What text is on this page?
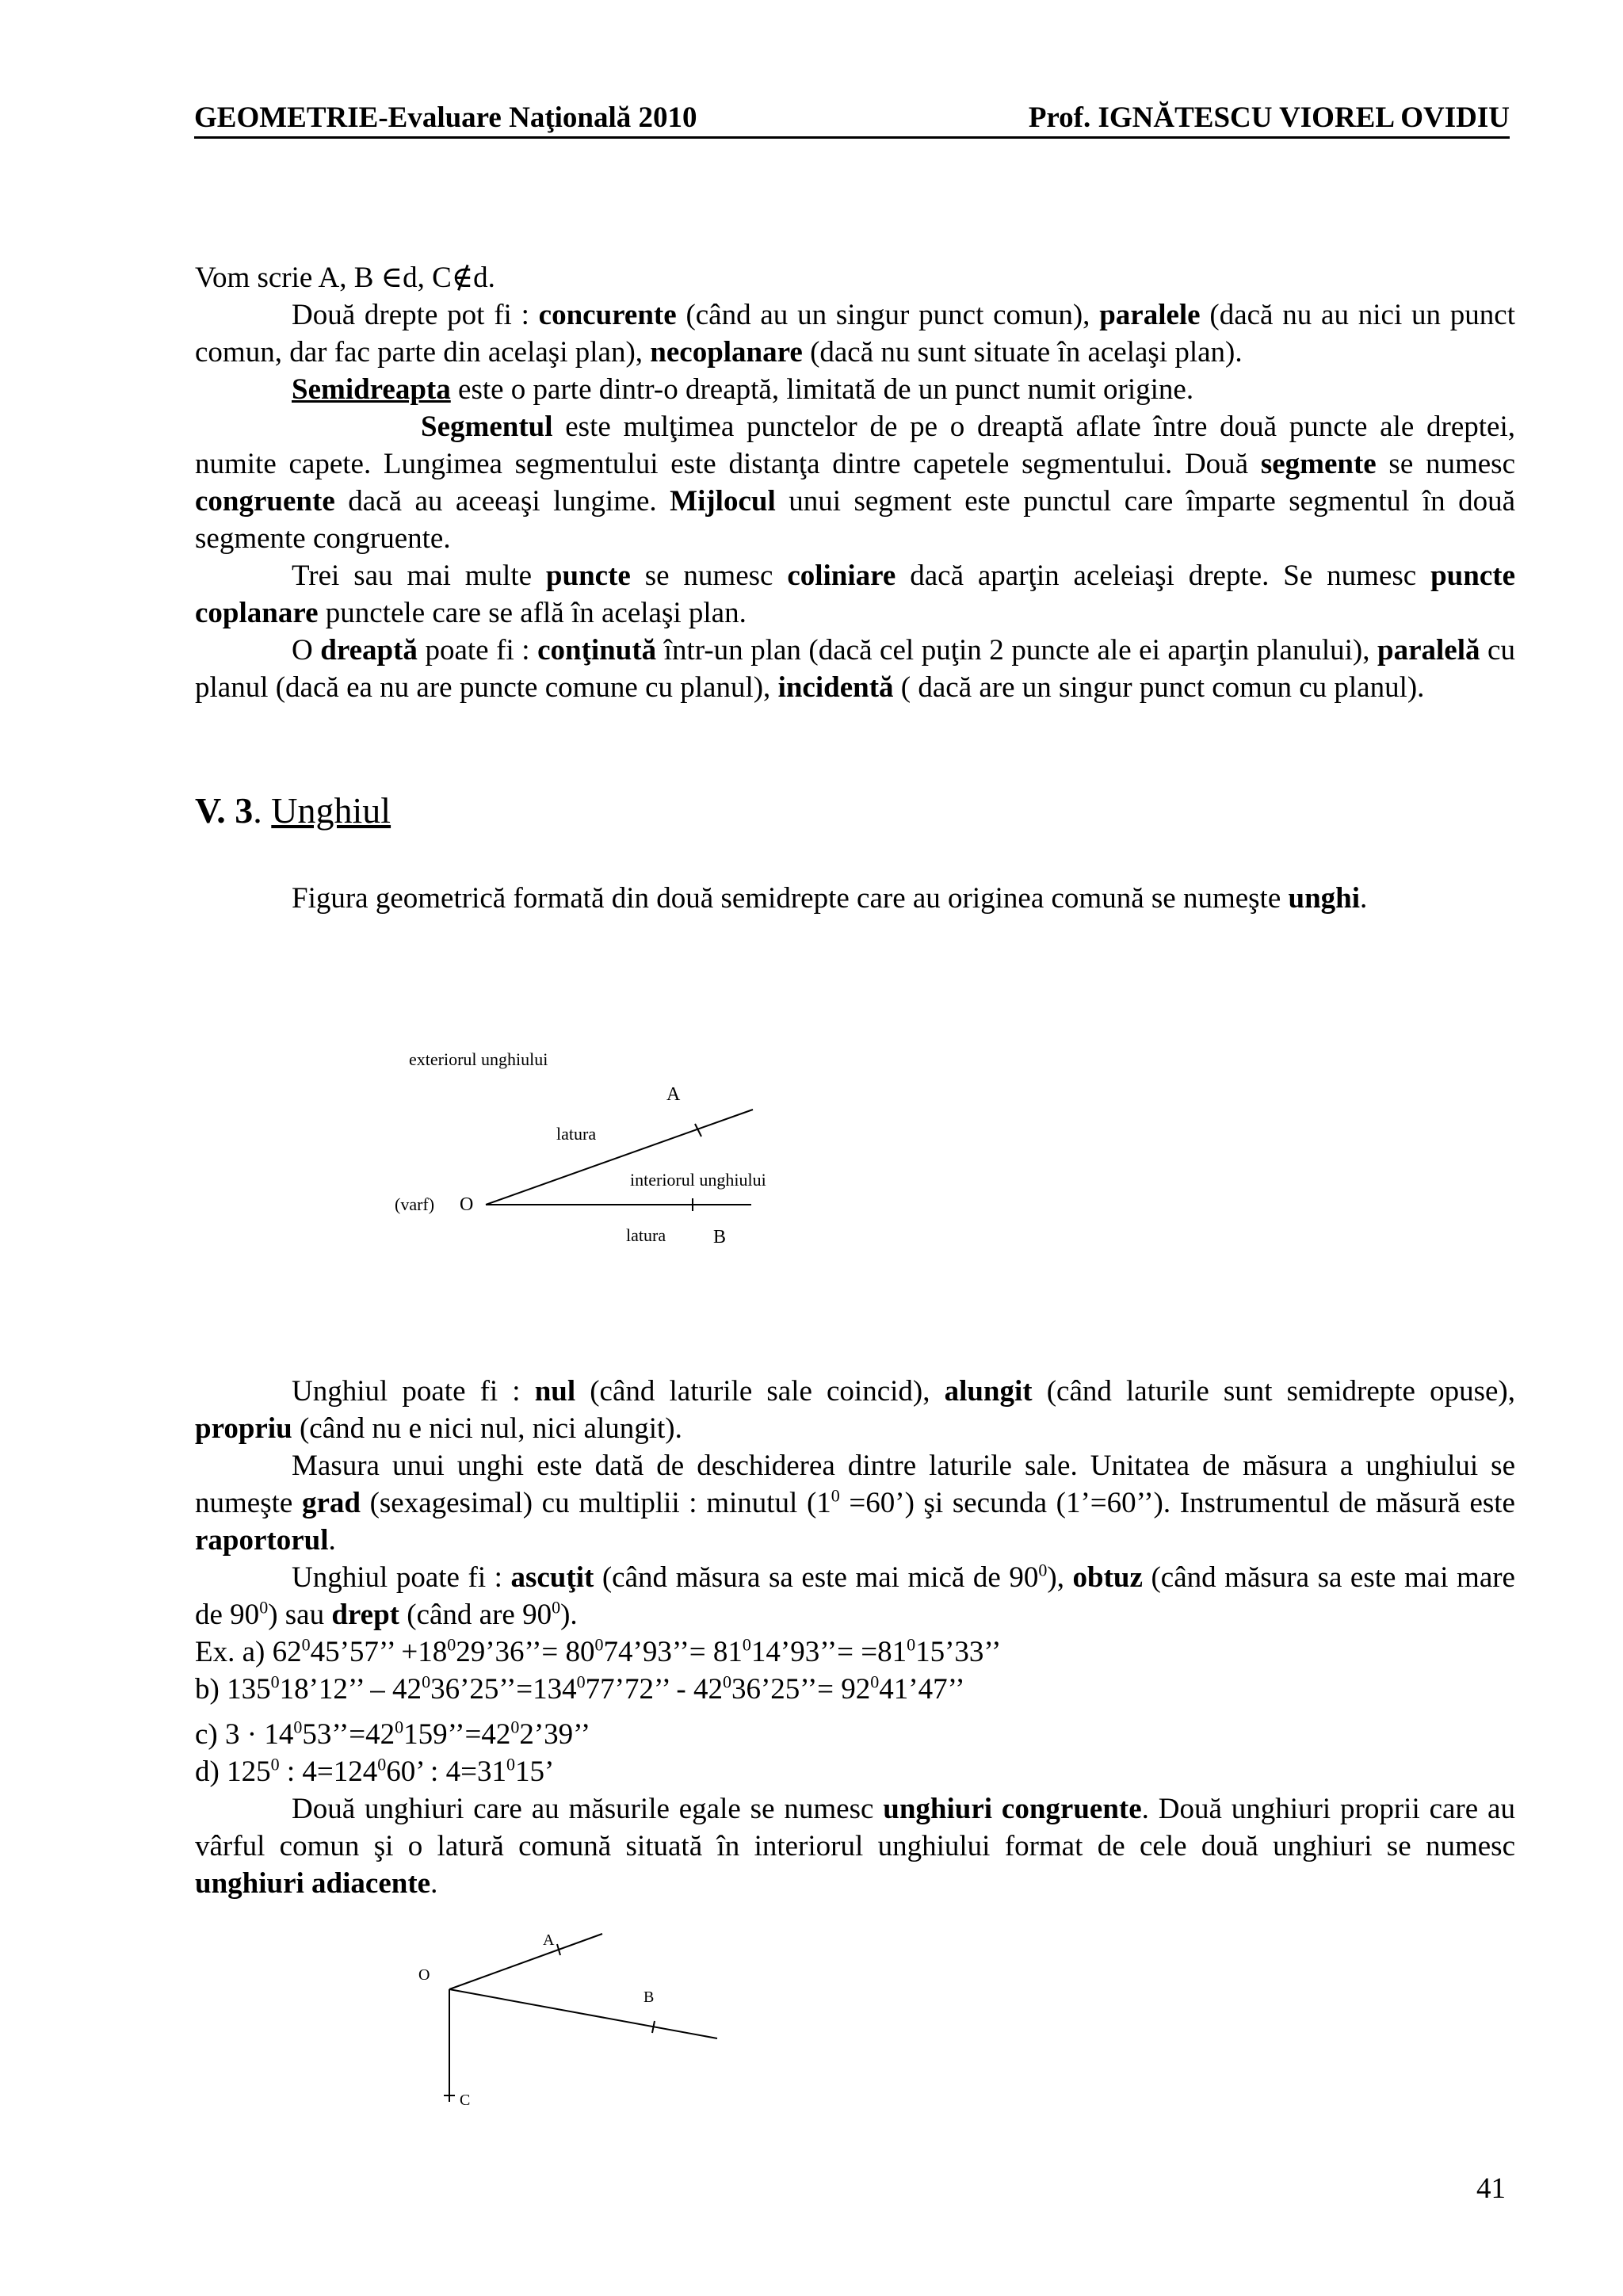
GEOMETRIE-Evaluare Naţională 2010	Prof. IGNĂTESCU VIOREL OVIDIU

Vom scrie A, B ∈d, C∉d.

Două drepte pot fi : concurente (când au un singur punct comun), paralele (dacă nu au nici un punct comun, dar fac parte din acelaşi plan), necoplanare (dacă nu sunt situate în acelaşi plan).

Semidreapta este o parte dintr-o dreaptă, limitată de un punct numit origine.

Segmentul este mulţimea punctelor de pe o dreaptă aflate între două puncte ale dreptei, numite capete. Lungimea segmentului este distanţa dintre capetele segmentului. Două segmente se numesc congruente dacă au aceeaşi lungime. Mijlocul unui segment este punctul care împarte segmentul în două segmente congruente.

Trei sau mai multe puncte se numesc coliniare dacă aparţin aceleiaşi drepte. Se numesc puncte coplanare punctele care se află în acelaşi plan.

O dreaptă poate fi : conţinută într-un plan (dacă cel puţin 2 puncte ale ei aparţin planului), paralelă cu planul (dacă ea nu are puncte comune cu planul), incidentă ( dacă are un singur punct comun cu planul).

V. 3. Unghiul
Figura geometrică formată din două semidrepte care au originea comună se numeşte unghi.
exteriorul unghiului
A
latura
interiorul unghiului
(varf) O
latura B

Unghiul poate fi : nul (când laturile sale coincid), alungit (când laturile sunt semidrepte opuse), propriu (când nu e nici nul, nici alungit).

Masura unui unghi este dată de deschiderea dintre laturile sale. Unitatea de măsura a unghiului se numeşte grad (sexagesimal) cu multiplii : minutul ($1^0$ =60’) şi secunda (1’=60’’). Instrumentul de măsură este raportorul.

Unghiul poate fi : ascuţit (când măsura sa este mai mică de $90^0$), obtuz (când măsura sa este mai mare de $90^0$) sau drept (când are $90^0$).

Ex. a) $62^045’57$’’ $+18^029’36’’=$ $80^074’93’’=$ $81^014’93’’=$ $=81^015’33$’’

b) $135^018’12$’’ – $42^036’25’’=134^077’72$’’ - $42^036’25’’=$ $92^041’47$’’

c) $3 \cdot 14^053’’=42^0159’’=42^02’39$’’

d) $125^0$ : $4=124^060$’ : $4=31^015$’

Două unghiuri care au măsurile egale se numesc unghiuri congruente. Două unghiuri proprii care au vârful comun şi o latură comună situată în interiorul unghiului format de cele două unghiuri se numesc unghiuri adiacente.

A
O
B
C
41
